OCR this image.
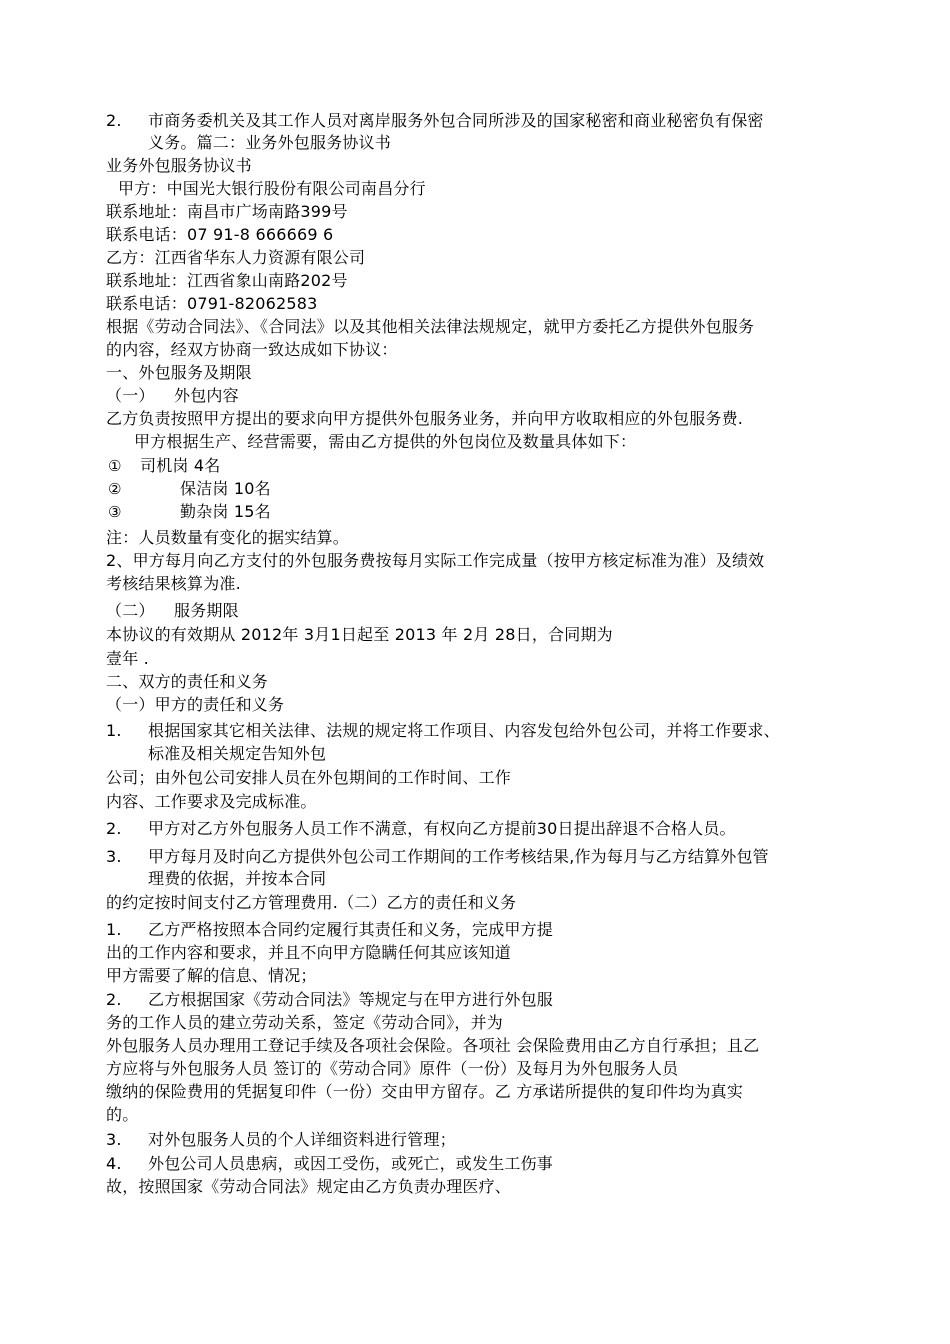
2. 市商务委机关及其工作人员对离岸服务外包合同所涉及的国家秘密和商业秘密负有保密
义务。篇二：业务外包服务协议书
业务外包服务协议书
甲方：中国光大银行股份有限公司南昌分行
联系地址：南昌市广场南路399号
联系电话：07 91-8 666669 6
乙方：江西省华东人力资源有限公司
联系地址：江西省象山南路202号
联系电话：0791-82062583
根据《劳动合同法》、《合同法》以及其他相关法律法规规定，就甲方委托乙方提供外包服务
的内容，经双方协商一致达成如下协议：
一、外包服务及期限
（一） 外包内容
乙方负责按照甲方提出的要求向甲方提供外包服务业务，并向甲方收取相应的外包服务费.
甲方根据生产、经营需要，需由乙方提供的外包岗位及数量具体如下：
① 司机岗 4名
②	保洁岗 10名
③	勤杂岗 15名
注：人员数量有变化的据实结算。
2、甲方每月向乙方支付的外包服务费按每月实际工作完成量（按甲方核定标准为准）及绩效
考核结果核算为准.
（二） 服务期限
本协议的有效期从 2012年 3月1日起至 2013 年 2月 28日，合同期为
壹年 .
二、双方的责任和义务
（一）甲方的责任和义务
1. 根据国家其它相关法律、法规的规定将工作项目、内容发包给外包公司，并将工作要求、
标准及相关规定告知外包
公司；由外包公司安排人员在外包期间的工作时间、工作
内容、工作要求及完成标准。
2. 甲方对乙方外包服务人员工作不满意，有权向乙方提前30日提出辞退不合格人员。
3. 甲方每月及时向乙方提供外包公司工作期间的工作考核结果,作为每月与乙方结算外包管
理费的依据，并按本合同
的约定按时间支付乙方管理费用.（二）乙方的责任和义务
1. 乙方严格按照本合同约定履行其责任和义务，完成甲方提
出的工作内容和要求，并且不向甲方隐瞒任何其应该知道
甲方需要了解的信息、情况；
2. 乙方根据国家《劳动合同法》等规定与在甲方进行外包服
务的工作人员的建立劳动关系，签定《劳动合同》，并为
外包服务人员办理用工登记手续及各项社会保险。各项社 会保险费用由乙方自行承担；且乙
方应将与外包服务人员 签订的《劳动合同》原件（一份）及每月为外包服务人员
缴纳的保险费用的凭据复印件（一份）交由甲方留存。乙 方承诺所提供的复印件均为真实
的。
3. 对外包服务人员的个人详细资料进行管理；
4. 外包公司人员患病，或因工受伤，或死亡，或发生工伤事
故，按照国家《劳动合同法》规定由乙方负责办理医疗、
